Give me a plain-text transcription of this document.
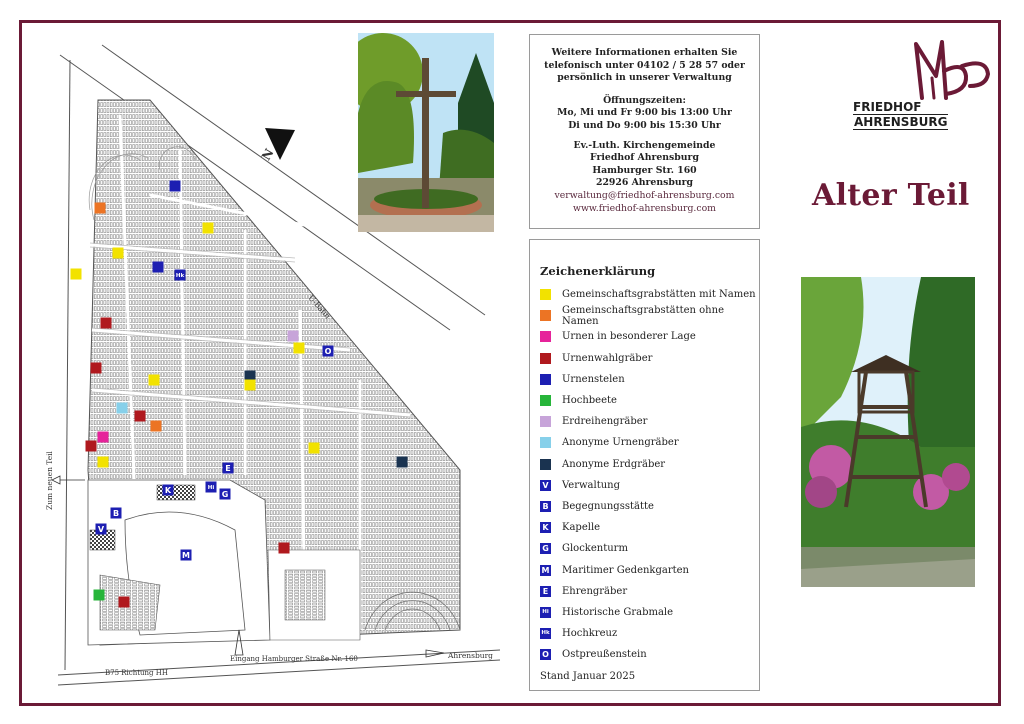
N
U-Bahn
Zum neuen Teil
Eingang Hamburger Straße Nr. 160	Ahrensburg
B75 Richtung HH
Hk
O
E
K	Hi
G
B
V
M
Weitere Informationen erhalten Sie
telefonisch unter 04102 / 5 28 57 oder
persönlich in unserer Verwaltung
Öffnungszeiten:
Mo, Mi und Fr 9:00 bis 13:00 Uhr
Di und Do 9:00 bis 15:30 Uhr
Ev.-Luth. Kirchengemeinde
Friedhof Ahrensburg
Hamburger Str. 160
22926 Ahrensburg
verwaltung@friedhof-ahrensburg.com
www.friedhof-ahrensburg.com
Zeichenerklärung
Gemeinschaftsgrabstätten mit Namen
Gemeinschaftsgrabstätten ohne Namen
Urnen in besonderer Lage
Urnenwahlgräber
Urnenstelen
Hochbeete
Erdreihengräber
Anonyme Urnengräber
Anonyme Erdgräber
V Verwaltung
B Begegnungsstätte
K Kapelle
G Glockenturm
M Maritimer Gedenkgarten
E Ehrengräber
Hi Historische Grabmale
Hk Hochkreuz
O Ostpreußenstein
Stand Januar 2025
FRIEDHOF
AHRENSBURG
Alter Teil
